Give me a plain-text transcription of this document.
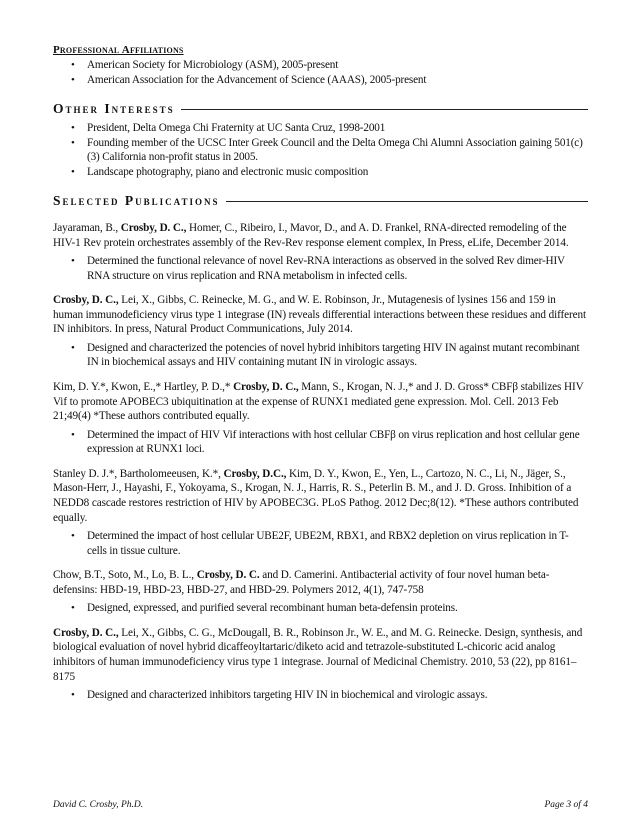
Professional Affiliations
• American Society for Microbiology (ASM), 2005-present
• American Association for the Advancement of Science (AAAS), 2005-present
Other Interests
• President, Delta Omega Chi Fraternity at UC Santa Cruz, 1998-2001
• Founding member of the UCSC Inter Greek Council and the Delta Omega Chi Alumni Association gaining 501(c)(3) California non-profit status in 2005.
• Landscape photography, piano and electronic music composition
Selected Publications

Jayaraman, B., Crosby, D. C., Homer, C., Ribeiro, I., Mavor, D., and A. D. Frankel, RNA-directed remodeling of the HIV-1 Rev protein orchestrates assembly of the Rev-Rev response element complex, In Press, eLife, December 2014.

• Determined the functional relevance of novel Rev-RNA interactions as observed in the solved Rev dimer-HIV RNA structure on virus replication and RNA metabolism in infected cells.

Crosby, D. C., Lei, X., Gibbs, C. Reinecke, M. G., and W. E. Robinson, Jr., Mutagenesis of lysines 156 and 159 in human immunodeficiency virus type 1 integrase (IN) reveals differential interactions between these residues and different IN inhibitors. In press, Natural Product Communications, July 2014.

• Designed and characterized the potencies of novel hybrid inhibitors targeting HIV IN against mutant recombinant IN in biochemical assays and HIV containing mutant IN in virologic assays.

Kim, D. Y.*, Kwon, E.,* Hartley, P. D.,* Crosby, D. C., Mann, S., Krogan, N. J.,* and J. D. Gross* CBFβ stabilizes HIV Vif to promote APOBEC3 ubiquitination at the expense of RUNX1 mediated gene expression. Mol. Cell. 2013 Feb 21;49(4) *These authors contributed equally.

• Determined the impact of HIV Vif interactions with host cellular CBFβ on virus replication and host cellular gene expression at RUNX1 loci.

Stanley D. J.*, Bartholomeeusen, K.*, Crosby, D.C., Kim, D. Y., Kwon, E., Yen, L., Cartozo, N. C., Li, N., Jäger, S., Mason-Herr, J., Hayashi, F., Yokoyama, S., Krogan, N. J., Harris, R. S., Peterlin B. M., and J. D. Gross. Inhibition of a NEDD8 cascade restores restriction of HIV by APOBEC3G. PLoS Pathog. 2012 Dec;8(12). *These authors contributed equally.

• Determined the impact of host cellular UBE2F, UBE2M, RBX1, and RBX2 depletion on virus replication in T-cells in tissue culture.

Chow, B.T., Soto, M., Lo, B. L., Crosby, D. C. and D. Camerini. Antibacterial activity of four novel human beta-defensins: HBD-19, HBD-23, HBD-27, and HBD-29. Polymers 2012, 4(1), 747-758

• Designed, expressed, and purified several recombinant human beta-defensin proteins.

Crosby, D. C., Lei, X., Gibbs, C. G., McDougall, B. R., Robinson Jr., W. E., and M. G. Reinecke. Design, synthesis, and biological evaluation of novel hybrid dicaffeoyltartaric/diketo acid and tetrazole-substituted L-chicoric acid analog inhibitors of human immunodeficiency virus type 1 integrase. Journal of Medicinal Chemistry. 2010, 53 (22), pp 8161–8175

• Designed and characterized inhibitors targeting HIV IN in biochemical and virologic assays.
David C. Crosby, Ph.D.	Page 3 of 4
